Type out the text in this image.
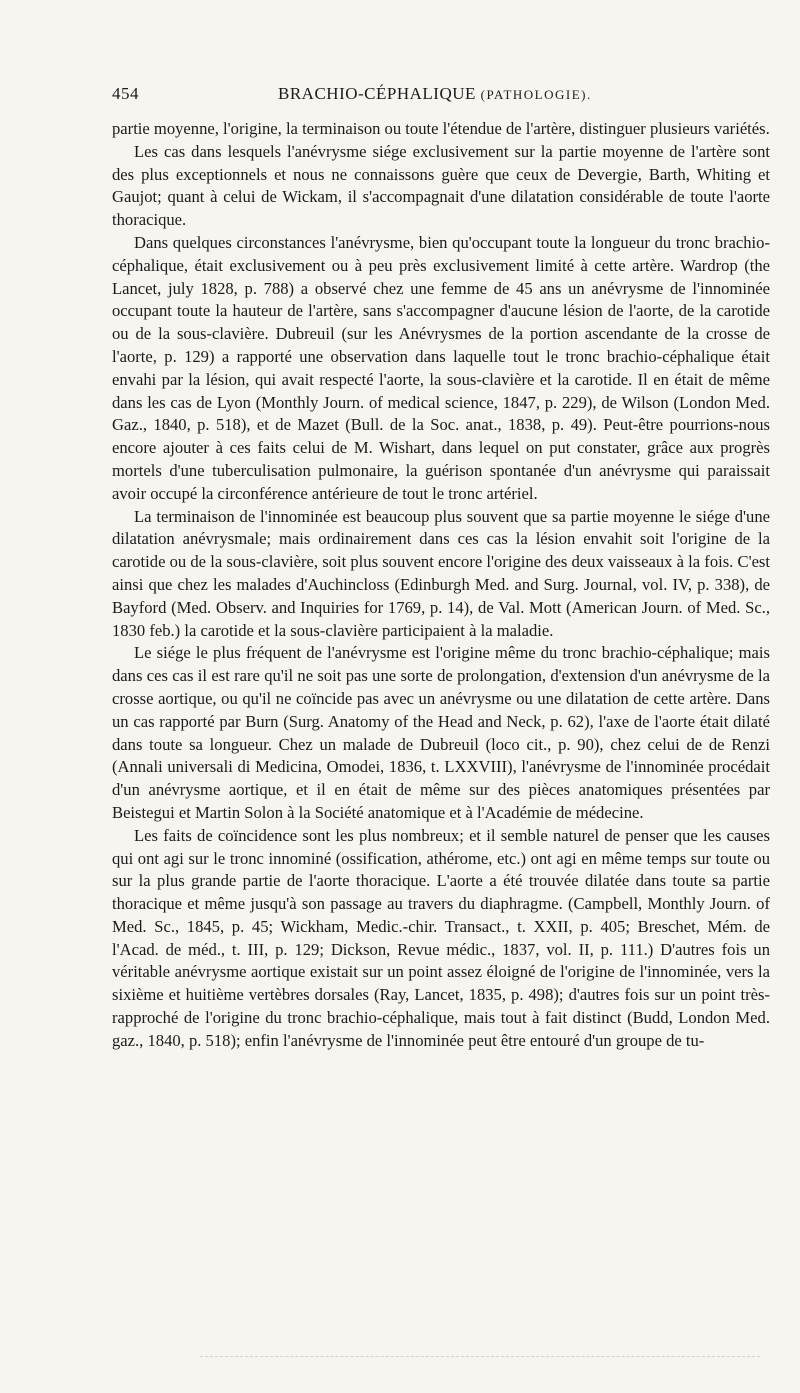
454	BRACHIO-CÉPHALIQUE (PATHOLOGIE).

partie moyenne, l'origine, la terminaison ou toute l'étendue de l'artère, distinguer plusieurs variétés.

Les cas dans lesquels l'anévrysme siége exclusivement sur la partie moyenne de l'artère sont des plus exceptionnels et nous ne connaissons guère que ceux de Devergie, Barth, Whiting et Gaujot; quant à celui de Wickam, il s'accompagnait d'une dilatation considérable de toute l'aorte thoracique.

Dans quelques circonstances l'anévrysme, bien qu'occupant toute la longueur du tronc brachio-céphalique, était exclusivement ou à peu près exclusivement limité à cette artère. Wardrop (the Lancet, july 1828, p. 788) a observé chez une femme de 45 ans un anévrysme de l'innominée occupant toute la hauteur de l'artère, sans s'accompagner d'aucune lésion de l'aorte, de la carotide ou de la sous-clavière. Dubreuil (sur les Anévrysmes de la portion ascendante de la crosse de l'aorte, p. 129) a rapporté une observation dans laquelle tout le tronc brachio-céphalique était envahi par la lésion, qui avait respecté l'aorte, la sous-clavière et la carotide. Il en était de même dans les cas de Lyon (Monthly Journ. of medical science, 1847, p. 229), de Wilson (London Med. Gaz., 1840, p. 518), et de Mazet (Bull. de la Soc. anat., 1838, p. 49). Peut-être pourrions-nous encore ajouter à ces faits celui de M. Wishart, dans lequel on put constater, grâce aux progrès mortels d'une tuberculisation pulmonaire, la guérison spontanée d'un anévrysme qui paraissait avoir occupé la circonférence antérieure de tout le tronc artériel.

La terminaison de l'innominée est beaucoup plus souvent que sa partie moyenne le siége d'une dilatation anévrysmale; mais ordinairement dans ces cas la lésion envahit soit l'origine de la carotide ou de la sous-clavière, soit plus souvent encore l'origine des deux vaisseaux à la fois. C'est ainsi que chez les malades d'Auchincloss (Edinburgh Med. and Surg. Journal, vol. IV, p. 338), de Bayford (Med. Observ. and Inquiries for 1769, p. 14), de Val. Mott (American Journ. of Med. Sc., 1830 feb.) la carotide et la sous-clavière participaient à la maladie.

Le siége le plus fréquent de l'anévrysme est l'origine même du tronc brachio-céphalique; mais dans ces cas il est rare qu'il ne soit pas une sorte de prolongation, d'extension d'un anévrysme de la crosse aortique, ou qu'il ne coïncide pas avec un anévrysme ou une dilatation de cette artère. Dans un cas rapporté par Burn (Surg. Anatomy of the Head and Neck, p. 62), l'axe de l'aorte était dilaté dans toute sa longueur. Chez un malade de Dubreuil (loco cit., p. 90), chez celui de de Renzi (Annali universali di Medicina, Omodei, 1836, t. LXXVIII), l'anévrysme de l'innominée procédait d'un anévrysme aortique, et il en était de même sur des pièces anatomiques présentées par Beistegui et Martin Solon à la Société anatomique et à l'Académie de médecine.

Les faits de coïncidence sont les plus nombreux; et il semble naturel de penser que les causes qui ont agi sur le tronc innominé (ossification, athérome, etc.) ont agi en même temps sur toute ou sur la plus grande partie de l'aorte thoracique. L'aorte a été trouvée dilatée dans toute sa partie thoracique et même jusqu'à son passage au travers du diaphragme. (Campbell, Monthly Journ. of Med. Sc., 1845, p. 45; Wickham, Medic.-chir. Transact., t. XXII, p. 405; Breschet, Mém. de l'Acad. de méd., t. III, p. 129; Dickson, Revue médic., 1837, vol. II, p. 111.) D'autres fois un véritable anévrysme aortique existait sur un point assez éloigné de l'origine de l'innominée, vers la sixième et huitième vertèbres dorsales (Ray, Lancet, 1835, p. 498); d'autres fois sur un point très-rapproché de l'origine du tronc brachio-céphalique, mais tout à fait distinct (Budd, London Med. gaz., 1840, p. 518); enfin l'anévrysme de l'innominée peut être entouré d'un groupe de tu-
